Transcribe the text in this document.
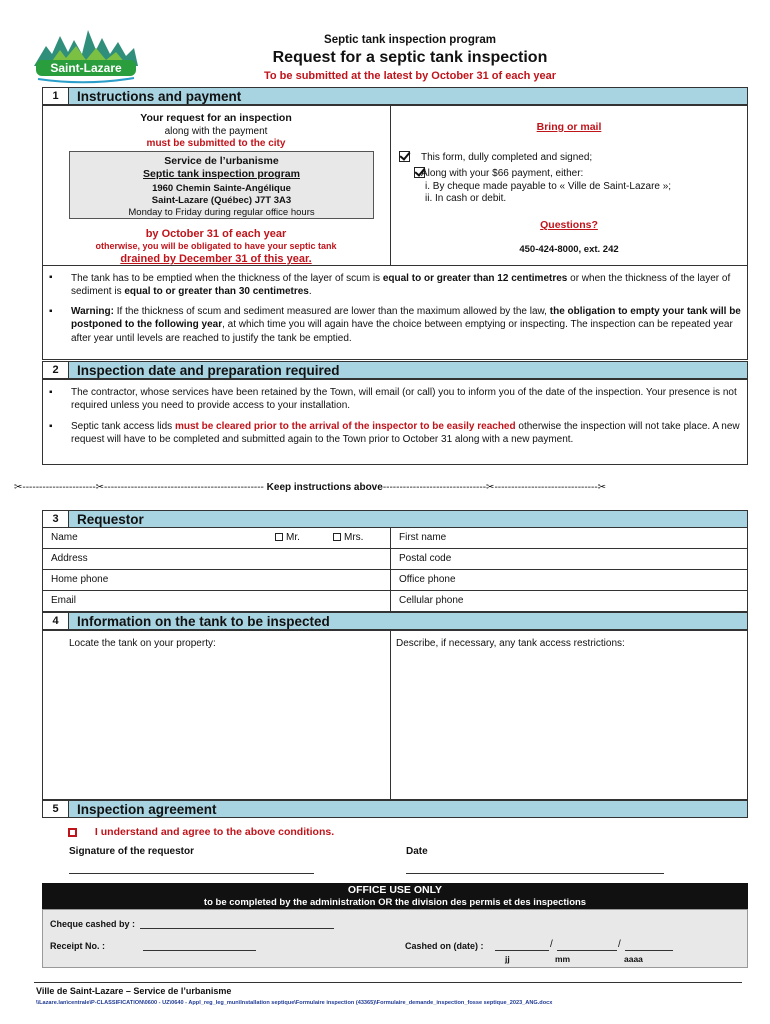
Saint-Lazare
Septic tank inspection program
Request for a septic tank inspection
To be submitted at the latest by October 31 of each year
1	Instructions and payment
Your request for an inspection
along with the payment
must be submitted to the city
Service de l’urbanisme
Septic tank inspection program
1960 Chemin Sainte-Angélique
Saint-Lazare (Québec) J7T 3A3
Monday to Friday during regular office hours
by October 31 of each year
otherwise, you will be obligated to have your septic tank
drained by December 31 of this year.
Bring or mail

This form, dully completed and signed;
Along with your $66 payment, either:
i. By cheque made payable to « Ville de Saint-Lazare »;
ii. In cash or debit.
Questions?
450-424-8000, ext. 242
▪ The tank has to be emptied when the thickness of the layer of scum is equal to or greater than 12 centimetres or when the thickness of the layer of sediment is equal to or greater than 30 centimetres.
▪ Warning: If the thickness of scum and sediment measured are lower than the maximum allowed by the law, the obligation to empty your tank will be postponed to the following year, at which time you will again have the choice between emptying or inspecting. The inspection can be repeated year after year until levels are reached to justify the tank be emptied.
2	Inspection date and preparation required
▪ The contractor, whose services have been retained by the Town, will email (or call) you to inform you of the date of the inspection. Your presence is not required unless you need to provide access to your installation.
▪ Septic tank access lids must be cleared prior to the arrival of the inspector to be easily reached otherwise the inspection will not take place. A new request will have to be completed and submitted again to the Town prior to October 31 along with a new payment.
✂----------------------✂------------------------------------------------ Keep instructions above-------------------------------✂-------------------------------✂
3	Requestor
Name	Mr.	Mrs.	First name
Address	Postal code
Home phone	Office phone
Email	Cellular phone
4	Information on the tank to be inspected
Locate the tank on your property:	Describe, if necessary, any tank access restrictions:
5	Inspection agreement
I understand and agree to the above conditions.
Signature of the requestor	Date
OFFICE USE ONLY
to be completed by the administration OR the division des permis et des inspections
Cheque cashed by :
Receipt No. :	Cashed on (date) :	/	/
jj	mm	aaaa
Ville de Saint-Lazare – Service de l’urbanisme
\\Lazare.lan\centrale\P-CLASSIFICATION\0600 - UZ\0640 - Appl_reg_leg_mun\Installation septique\Formulaire inspection (43365)\Formulaire_demande_inspection_fosse septique_2023_ANG.docx
